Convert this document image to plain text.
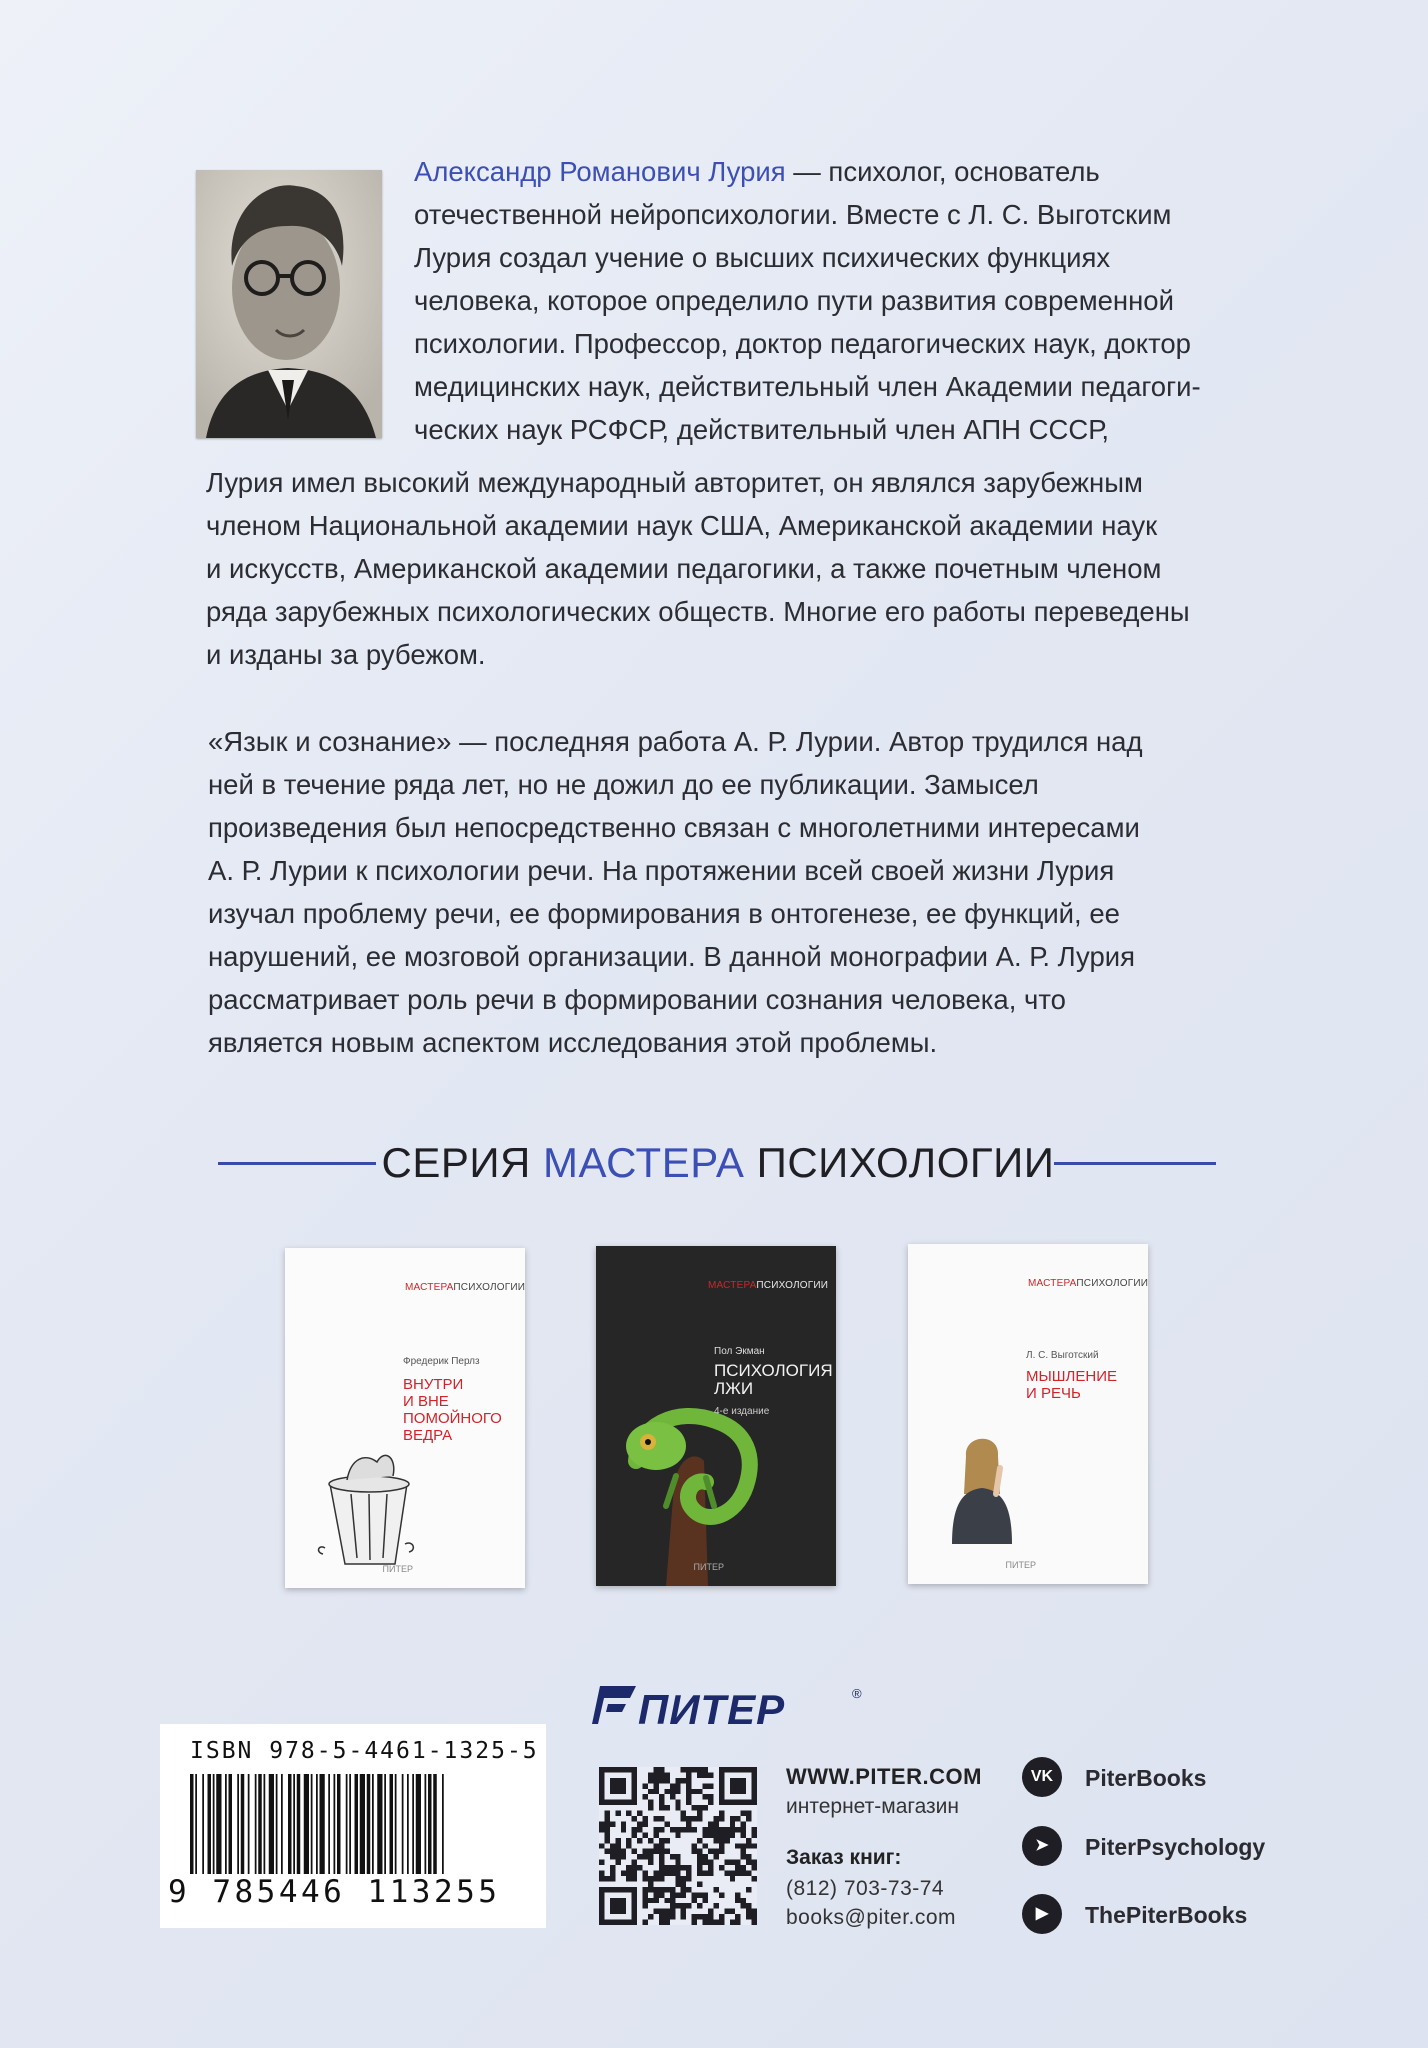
Александр Романович Лурия — психолог, основатель
отечественной нейропсихологии. Вместе с Л. С. Выготским
Лурия создал учение о высших психических функциях
человека, которое определило пути развития современной
психологии. Профессор, доктор педагогических наук, доктор
медицинских наук, действительный член Академии педагоги-
ческих наук РСФСР, действительный член АПН СССР,
Лурия имел высокий международный авторитет, он являлся зарубежным
членом Национальной академии наук США, Американской академии наук
и искусств, Американской академии педагогики, а также почетным членом
ряда зарубежных психологических обществ. Многие его работы переведены
и изданы за рубежом.
«Язык и сознание» — последняя работа А. Р. Лурии. Автор трудился над
ней в течение ряда лет, но не дожил до ее публикации. Замысел
произведения был непосредственно связан с многолетними интересами
А. Р. Лурии к психологии речи. На протяжении всей своей жизни Лурия
изучал проблему речи, ее формирования в онтогенезе, ее функций, ее
нарушений, ее мозговой организации. В данной монографии А. Р. Лурия
рассматривает роль речи в формировании сознания человека, что
является новым аспектом исследования этой проблемы.
СЕРИЯ МАСТЕРА ПСИХОЛОГИИ
МАСТЕРАПСИХОЛОГИИ
Фредерик Перлз
ВНУТРИ
И ВНЕ
ПОМОЙНОГО
ВЕДРА
ПИТЕР
МАСТЕРАПСИХОЛОГИИ
Пол Экман
ПСИХОЛОГИЯ
ЛЖИ
4-е издание
ПИТЕР
МАСТЕРАПСИХОЛОГИИ
Л. С. Выготский
МЫШЛЕНИЕ
И РЕЧЬ
ПИТЕР
ISBN 978-5-4461-1325-5
9 785446 113255
ПИТЕР	®
WWW.PITER.COM
интернет-магазин
Заказ книг:
(812) 703-73-74
books@piter.com
VK	PiterBooks
➤	PiterPsychology
▶	ThePiterBooks
